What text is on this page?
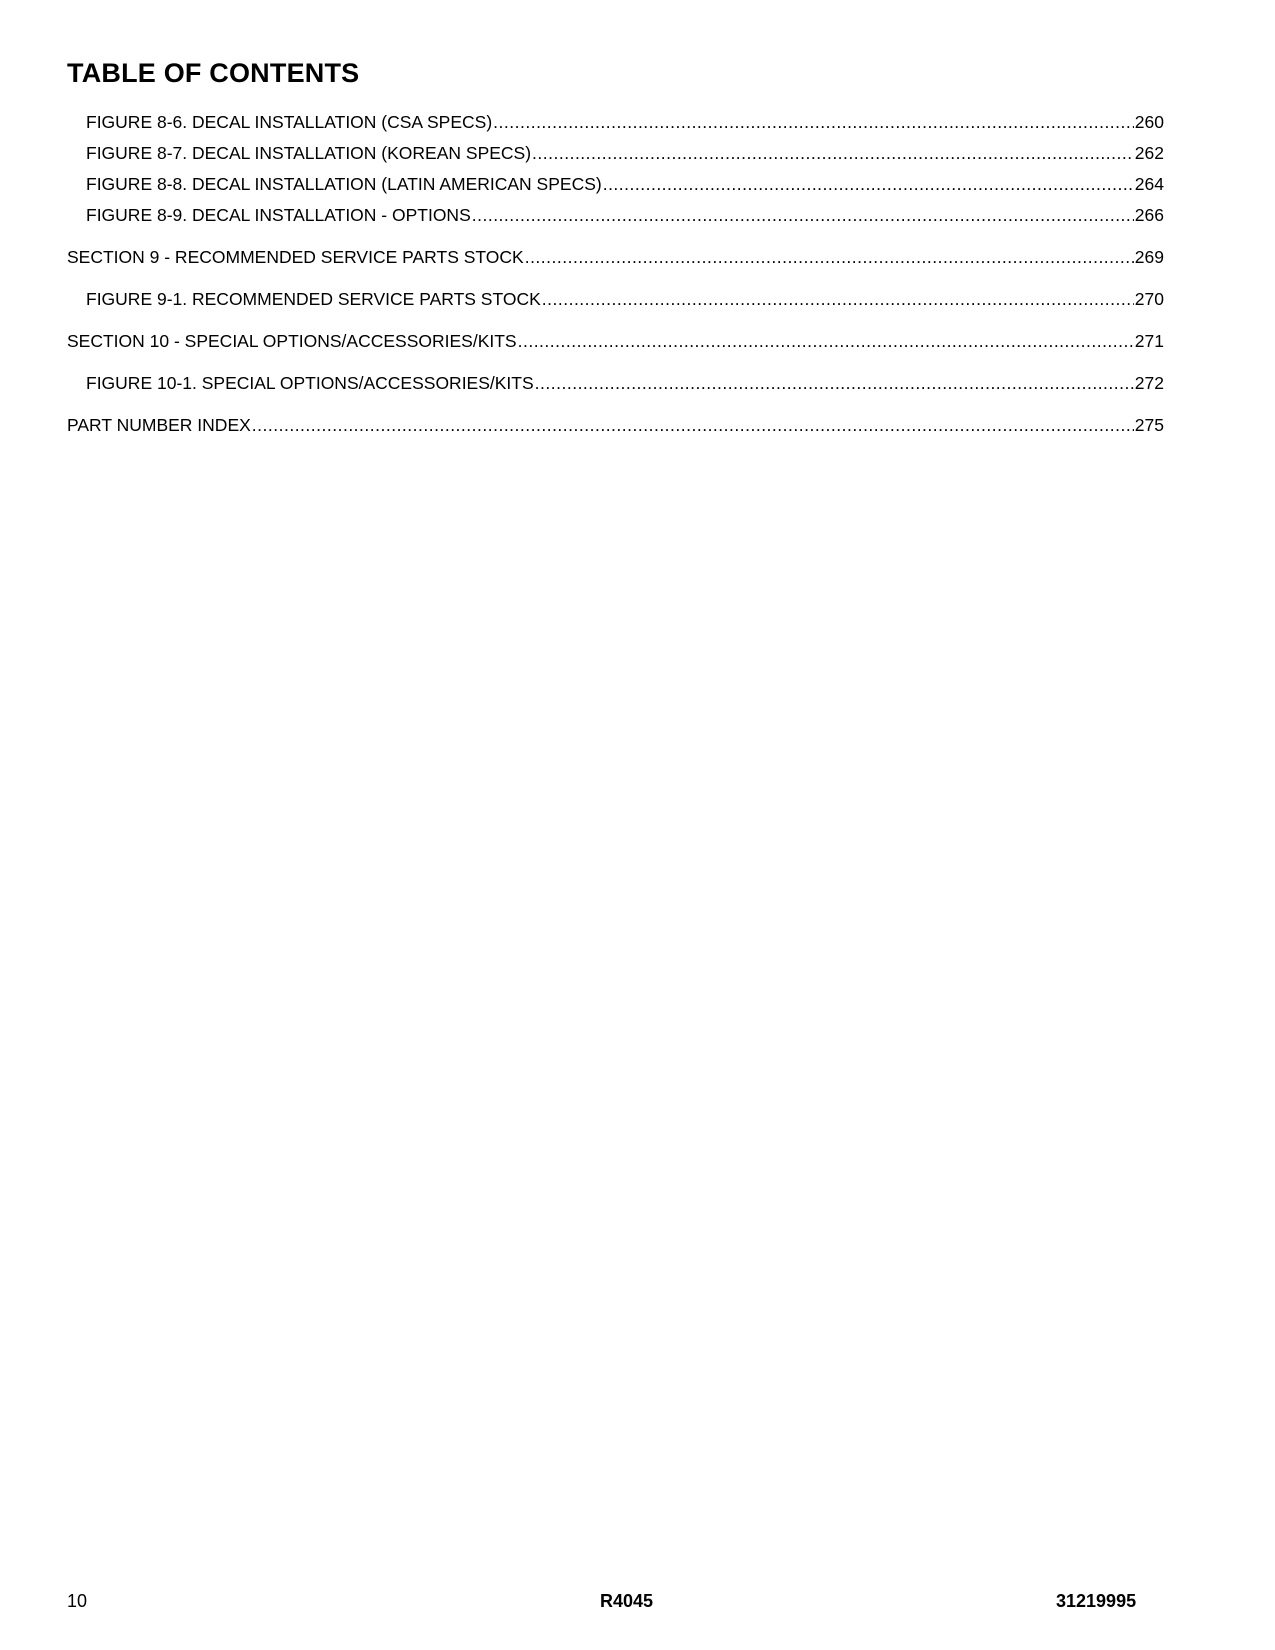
TABLE OF CONTENTS
FIGURE 8-6. DECAL INSTALLATION (CSA SPECS) .....	260
FIGURE 8-7. DECAL INSTALLATION (KOREAN SPECS) .....	262
FIGURE 8-8. DECAL INSTALLATION (LATIN AMERICAN SPECS) .....	264
FIGURE 8-9. DECAL INSTALLATION - OPTIONS .....	266
SECTION 9 - RECOMMENDED SERVICE PARTS STOCK .....	269
FIGURE 9-1. RECOMMENDED SERVICE PARTS STOCK .....	270
SECTION 10 - SPECIAL OPTIONS/ACCESSORIES/KITS .....	271
FIGURE 10-1. SPECIAL OPTIONS/ACCESSORIES/KITS .....	272
PART NUMBER INDEX .....	275
10	R4045	31219995
